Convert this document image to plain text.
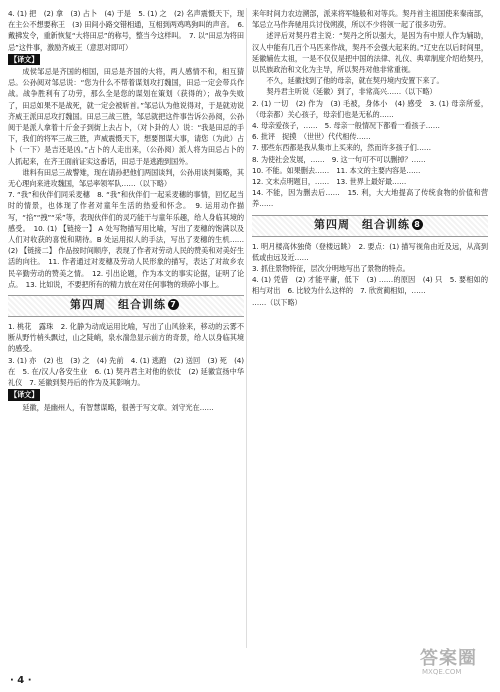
4. (1) 把　(2) 拿　(3) 占卜　(4) 于是　5. (1) 之　(2) 名声震慑天下，现在主公不想要称王　(3) 田间小路交错相通，互相到两鸡鸣狗叫的声音。　6. 戴拂发令，重新恢复“大将田忌”的称号，整当今这样叫。　7. 以“田忌为将田忌”这件事，激励齐威王（意思对即可）

【译文】

成侯邹忌是齐国的相国，田忌是齐国的大将，两人感情不和，相互猜忌。公孙阅对邹忌说：“您为什么不帮着谋划攻打魏国，田忌一定会带兵作战。战争胜利有了功劳，那么全是您的谋划在策划（获得的）；战争失败了，田忌如果不是战死，就一定会被斩首。”邹忌认为他说得对，于是就劝说齐威王派田忌攻打魏国。田忌三战三胜，邹忌就把这件事告诉公孙阅，公孙阅于是派人拿着十斤金子到街上去占卜，（对卜卦的人）说：“我是田忌的手下，我们的将军三战三胜，声威震慑天下，想要图谋大事，请您（为此）占卜（一下）是吉还是凶。”占卜的人走出来，（公孙阅）派人将为田忌占卜的人抓起来，在齐王面前证实这番话，田忌于是逃跑到国外。

谁料有田忌三战警雉，现在请孙把他们两国谈判，公孙用谈判策略，其无心理向来进攻魏国，邹忌率领军队……（以下略）

7. “我”和伙伴们同采麦穗　8. “我”和伙伴们一起采麦穗的事情，回忆起当时的情景，也体现了作者对童年生活的热爱和怀念。　9. 运用动作描写，“掐”“拽”“采”等，表现伙伴们的灵巧能干与童年乐趣，给人身临其境的感受。　10. (1) 【链接一】 A 处写物描写用比喻，写出了麦穗的饱满以及人们对收获的喜悦和期待。B 处运用拟人的手法，写出了麦穗的生机……(2) 【链接二】 作品按时间顺序，表现了作者对劳动人民的赞美和对美好生活的向往。　11. 作者通过对麦穗及劳动人民形象的描写，表达了对故乡农民辛勤劳动的赞美之情。　12. 引出论题，作为本文的事实论据，证明了论点。　13. 比如说，不要把所有的精力放在对任何事物的琐碎小事上。

第四周　组合训练 7

1. 桃花　露珠　2. 化静为动成运用比喻，写出了山风徐来，移动的云雾不断从野竹梢头飘过，山之陡峭，泉水湍急显示前方的奇景，给人以身临其境的感受。

3. (1) 亦　(2) 也　(3) 之　(4) 先前　4. (1) 逃跑　(2) 送回　(3) 死　(4) 在　5. 在/汉人/各安生业　6. (1) 契丹君主对他的依仗　(2) 延徽宣扬中华礼仪　7. 延徽到契丹后的作为及其影响力。

【译文】

延徽，是幽州人，有智慧谋略，很善于写文章。刘守光在……

来年时间力农边溯部，派来将军缝般和对等兵。契丹首主祖国使来秦南部，邹忌立马作奔驰用兵讨伐朔漠，所以不少将领一起了很多功劳。

述评后对契丹君主说：“契丹之所以强大，是因为有中原人作为辅助，汉人中能有几百个马匹来作战，契丹不会强大起来的。”辽史在以后时间里，延徽辅佐太祖，一是不仅仅是把中国的法律、礼仪、典章制度介绍给契丹，以民族政治和文化为主导，所以契丹对他非常重视。

不久，延徽找到了他的母亲，就在契丹境内安置下来了。

契丹君主听说（延徽）到了，非常高兴……（以下略）

2. (1) 一切　(2) 作为　(3) 毛被，身体小　(4) 感受　3. (1) 母亲所爱，（母亲都）关心孩子，母亲们也是无私的……

4. 母亲爱孩子，……　5. 母亲一般情况下都看一看孩子……

6. 批评　捉摸　（世世）代代相传……

7. 那些东西都是我从集市上买来的，然而许多孩子们……

8. 为使社会发展，……　9. 这一句可不可以删掉？……

10. 不能。如果删去……　11. 本文的主要内容是……

12. 文末点明题目，……　13. 世界上最好最……

14. 不能，因为删去后……　15. 利，大大地提高了传统食物的价值和营养……

第四周　组合训练 8

1. 明月楼高休独倚（登楼远眺）　2. 要点：(1) 描写视角由近及远，从高到低或由远及近……

3. 抓住景物特征，层次分明地写出了景物的特点。

4. (1) 凭借　(2) 才能平庸，低下　(3) ……的原因　(4) 只　5. 要相如的相与对出　6. 比较为什么这样的　7. 欣赏蔺相如，……

……（以下略）

· 4 ·
答案圈
MXQE.COM
